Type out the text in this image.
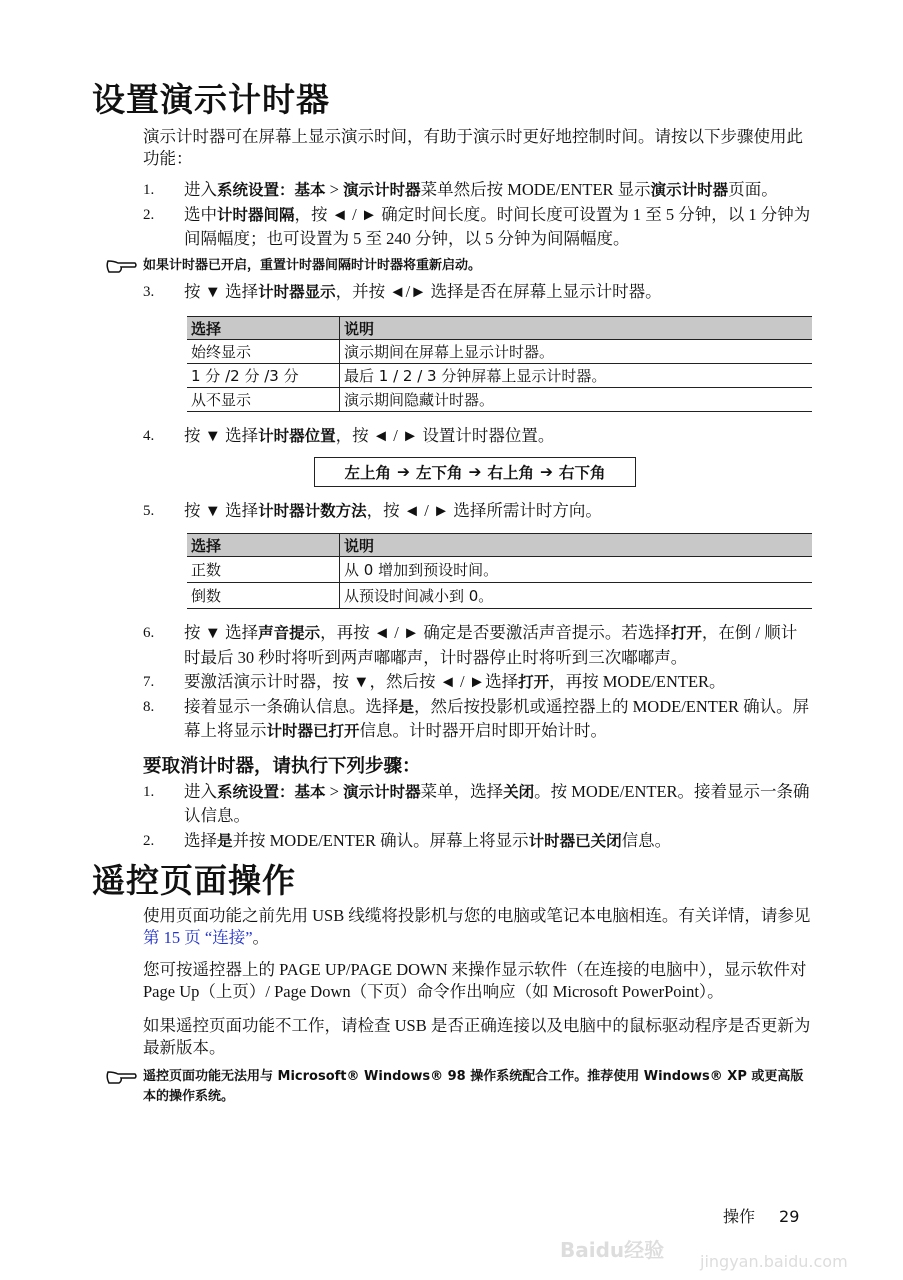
设置演示计时器
演示计时器可在屏幕上显示演示时间，有助于演示时更好地控制时间。请按以下步骤使用此功能：
1. 进入系统设置：基本 > 演示计时器菜单然后按 MODE/ENTER 显示演示计时器页面。
2. 选中计时器间隔，按 ◄ / ► 确定时间长度。时间长度可设置为 1 至 5 分钟，以 1 分钟为间隔幅度；也可设置为 5 至 240 分钟，以 5 分钟为间隔幅度。
如果计时器已开启，重置计时器间隔时计时器将重新启动。
3. 按 ▼ 选择计时器显示，并按 ◄/► 选择是否在屏幕上显示计时器。
选择	说明
始终显示	演示期间在屏幕上显示计时器。
1 分 /2 分 /3 分	最后 1 / 2 / 3 分钟屏幕上显示计时器。
从不显示	演示期间隐藏计时器。
4. 按 ▼ 选择计时器位置，按 ◄ / ► 设置计时器位置。
左上角 ➔ 左下角 ➔ 右上角 ➔ 右下角
5. 按 ▼ 选择计时器计数方法，按 ◄ / ► 选择所需计时方向。
选择	说明
正数	从 0 增加到预设时间。
倒数	从预设时间减小到 0。
6. 按 ▼ 选择声音提示，再按 ◄ / ► 确定是否要激活声音提示。若选择打开，在倒 / 顺计时最后 30 秒时将听到两声嘟嘟声，计时器停止时将听到三次嘟嘟声。
7. 要激活演示计时器，按 ▼，然后按 ◄ / ►选择打开，再按 MODE/ENTER。
8. 接着显示一条确认信息。选择是，然后按投影机或遥控器上的 MODE/ENTER 确认。屏幕上将显示计时器已打开信息。计时器开启时即开始计时。
要取消计时器，请执行下列步骤：
1. 进入系统设置：基本 > 演示计时器菜单，选择关闭。按 MODE/ENTER。接着显示一条确认信息。
2. 选择是并按 MODE/ENTER 确认。屏幕上将显示计时器已关闭信息。
遥控页面操作
使用页面功能之前先用 USB 线缆将投影机与您的电脑或笔记本电脑相连。有关详情，请参见第 15 页 “连接”。
您可按遥控器上的 PAGE UP/PAGE DOWN 来操作显示软件（在连接的电脑中），显示软件对 Page Up（上页）/ Page Down（下页）命令作出响应（如 Microsoft PowerPoint）。
如果遥控页面功能不工作，请检查 USB 是否正确连接以及电脑中的鼠标驱动程序是否更新为最新版本。
遥控页面功能无法用与 Microsoft® Windows® 98 操作系统配合工作。推荐使用 Windows® XP 或更高版本的操作系统。
操作 29
Baidu经验 jingyan.baidu.com
